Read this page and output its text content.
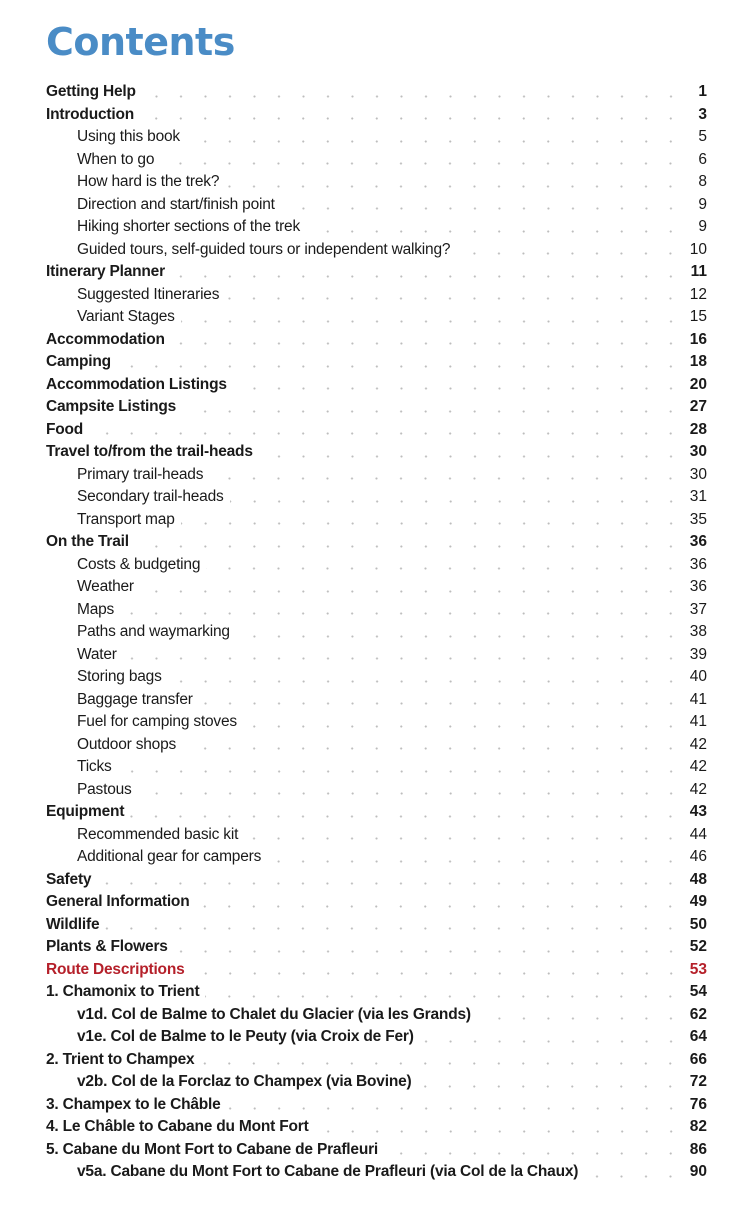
Contents
Getting Help	1
Introduction	3
Using this book	5
When to go	6
How hard is the trek?	8
Direction and start/finish point	9
Hiking shorter sections of the trek	9
Guided tours, self-guided tours or independent walking?	10
Itinerary Planner	11
Suggested Itineraries	12
Variant Stages	15
Accommodation	16
Camping	18
Accommodation Listings	20
Campsite Listings	27
Food	28
Travel to/from the trail-heads	30
Primary trail-heads	30
Secondary trail-heads	31
Transport map	35
On the Trail	36
Costs & budgeting	36
Weather	36
Maps	37
Paths and waymarking	38
Water	39
Storing bags	40
Baggage transfer	41
Fuel for camping stoves	41
Outdoor shops	42
Ticks	42
Pastous	42
Equipment	43
Recommended basic kit	44
Additional gear for campers	46
Safety	48
General Information	49
Wildlife	50
Plants & Flowers	52
Route Descriptions	53
1. Chamonix to Trient	54
v1d. Col de Balme to Chalet du Glacier (via les Grands)	62
v1e. Col de Balme to le Peuty (via Croix de Fer)	64
2. Trient to Champex	66
v2b. Col de la Forclaz to Champex (via Bovine)	72
3. Champex to le Châble	76
4. Le Châble to Cabane du Mont Fort	82
5. Cabane du Mont Fort to Cabane de Prafleuri	86
v5a. Cabane du Mont Fort to Cabane de Prafleuri (via Col de la Chaux)	90
